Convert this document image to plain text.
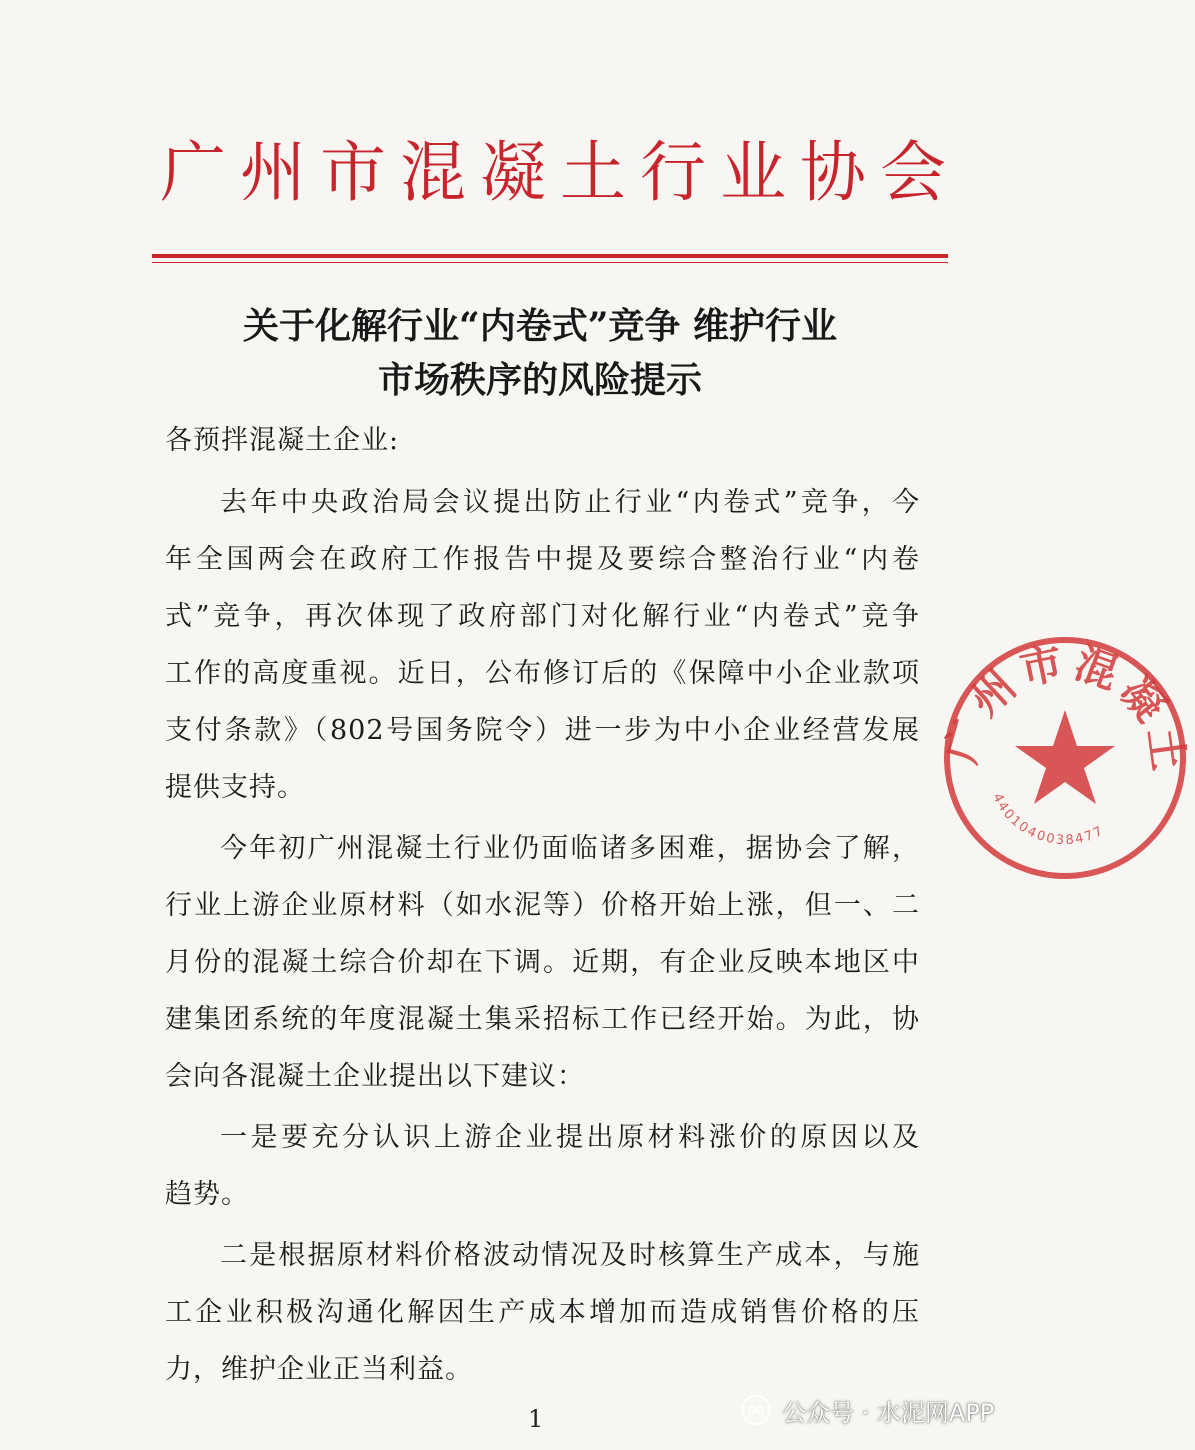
广州市混凝土行业协会
关于化解行业“内卷式”竞争 维护行业
市场秩序的风险提示
各预拌混凝土企业:
去年中央政治局会议提出防止行业“内卷式”竞争，今
年全国两会在政府工作报告中提及要综合整治行业“内卷
式”竞争，再次体现了政府部门对化解行业“内卷式”竞争
工作的高度重视。近日，公布修订后的《保障中小企业款项
支付条款》（802号国务院令）进一步为中小企业经营发展
提供支持。
今年初广州混凝土行业仍面临诸多困难，据协会了解，
行业上游企业原材料（如水泥等）价格开始上涨，但一、二
月份的混凝土综合价却在下调。近期，有企业反映本地区中
建集团系统的年度混凝土集采招标工作已经开始。为此，协
会向各混凝土企业提出以下建议：
一是要充分认识上游企业提出原材料涨价的原因以及
趋势。
二是根据原材料价格波动情况及时核算生产成本，与施
工企业积极沟通化解因生产成本增加而造成销售价格的压
力，维护企业正当利益。
广州市混凝土
4401040038477
1	公众号 · 水泥网APP
